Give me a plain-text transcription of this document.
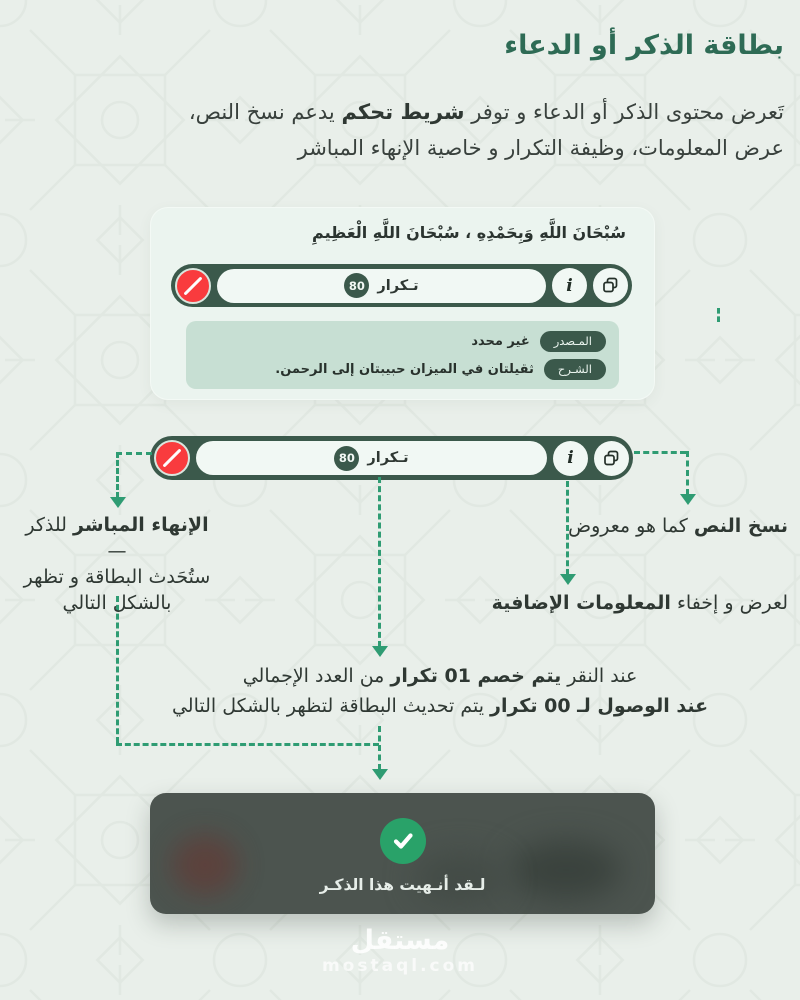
بطاقة الذكر أو الدعاء
تَعرض محتوى الذكر أو الدعاء و توفر شريط تحكم يدعم نسخ النص،
عرض المعلومات، وظيفة التكرار و خاصية الإنهاء المباشر
سُبْحَانَ اللَّهِ وَبِحَمْدِهِ ، سُبْحَانَ اللَّهِ الْعَظِيمِ
تـكرار
80	i
المـصدر
غير محدد
الشـرح
ثقيلتان في الميزان حبيبتان إلى الرحمن.
تـكرار
80	i
الإنهاء المباشر للذكر —
ستُحَدث البطاقة و تظهر
بالشكل التالي
نسخ النص كما هو معروض
لعرض و إخفاء المعلومات الإضافية
عند النقر يتم خصم 01 تكرار من العدد الإجمالي
عند الوصول لـ 00 تكرار يتم تحديث البطاقة لتظهر بالشكل التالي
لـقد أنـهيت هذا الذكـر
مستقل
mostaql.com
